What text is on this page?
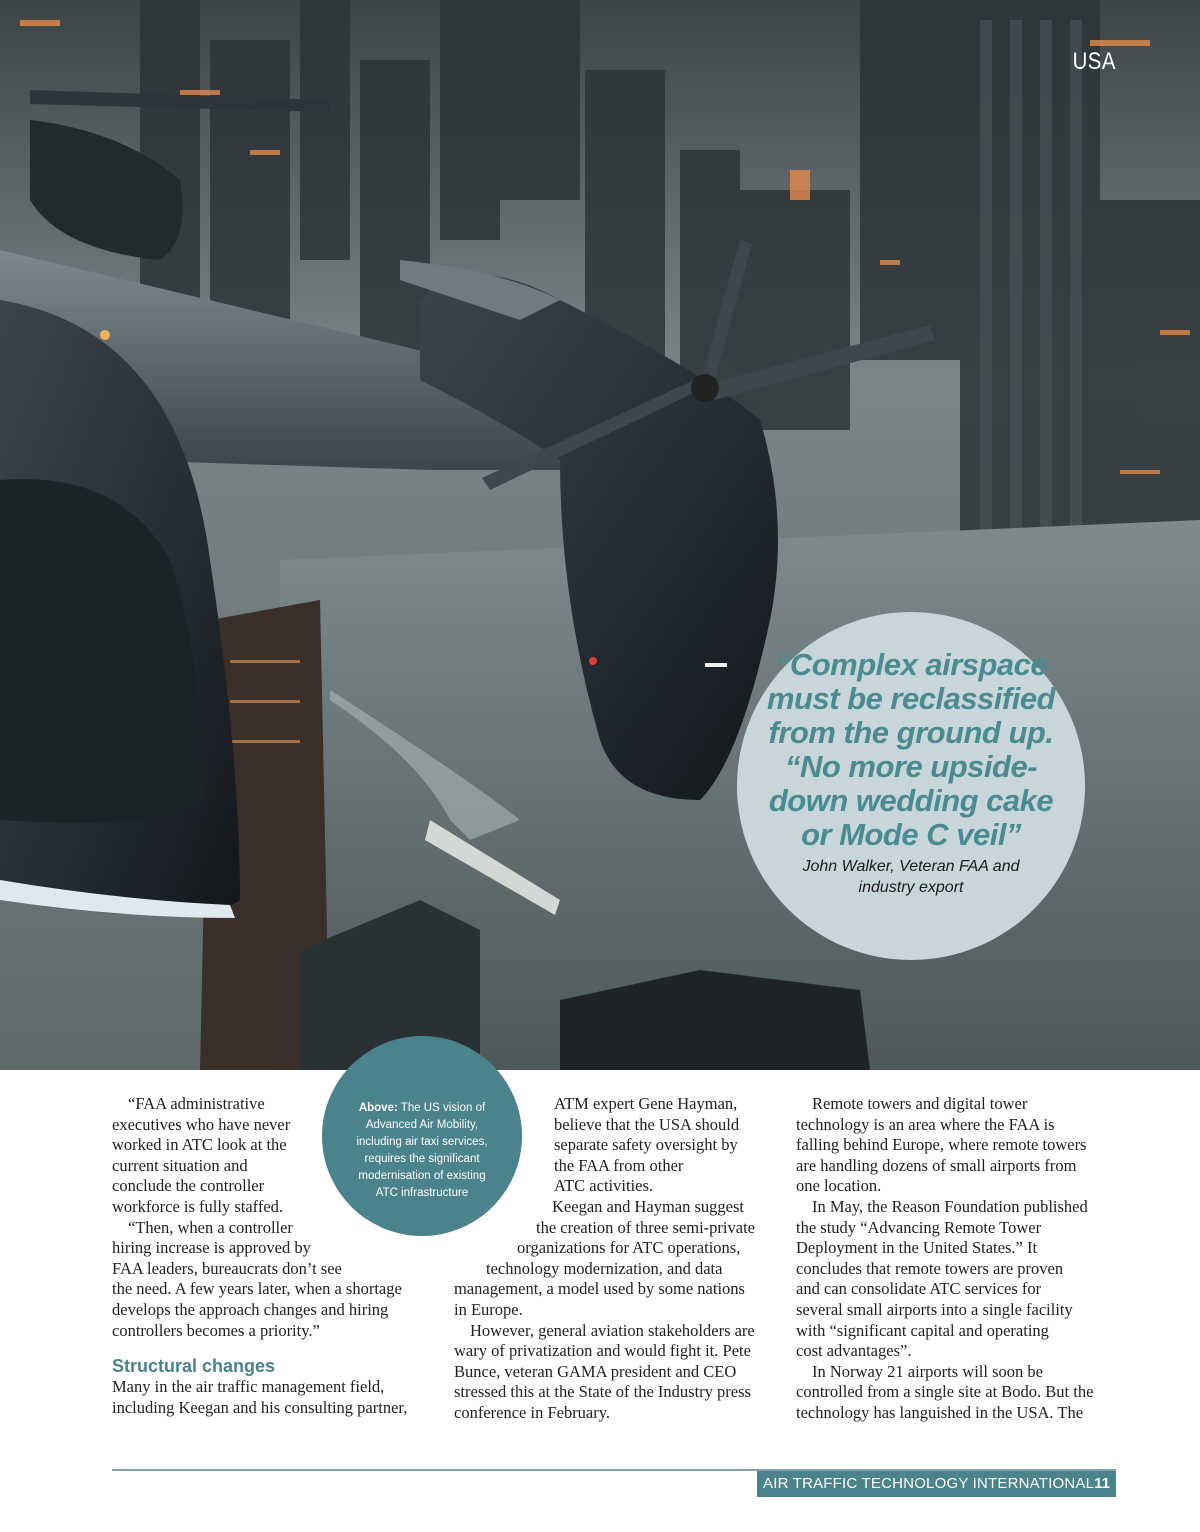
USA

“Complex airspace must be reclassified from the ground up. “No more upside-down wedding cake or Mode C veil”

John Walker, Veteran FAA and
industry export
Above: The US vision of Advanced Air Mobility, including air taxi services, requires the significant modernisation of existing ATC infrastructure

“FAA administrative
executives who have never
worked in ATC look at the
current situation and
conclude the controller
workforce is fully staffed.

“Then, when a controller
hiring increase is approved by
FAA leaders, bureaucrats don’t see
the need. A few years later, when a shortage
develops the approach changes and hiring
controllers becomes a priority.”

Structural changes

Many in the air traffic management field,
including Keegan and his consulting partner,

ATM expert Gene Hayman,
believe that the USA should
separate safety oversight by
the FAA from other
ATC activities.

Keegan and Hayman suggest
the creation of three semi-private
organizations for ATC operations,
technology modernization, and data
management, a model used by some nations
in Europe.

However, general aviation stakeholders are
wary of privatization and would fight it. Pete
Bunce, veteran GAMA president and CEO
stressed this at the State of the Industry press
conference in February.

Remote towers and digital tower
technology is an area where the FAA is
falling behind Europe, where remote towers
are handling dozens of small airports from
one location.

In May, the Reason Foundation published
the study “Advancing Remote Tower
Deployment in the United States.” It
concludes that remote towers are proven
and can consolidate ATC services for
several small airports into a single facility
with “significant capital and operating
cost advantages”.

In Norway 21 airports will soon be
controlled from a single site at Bodo. But the
technology has languished in the USA. The

AIR TRAFFIC TECHNOLOGY INTERNATIONAL 2026
11
